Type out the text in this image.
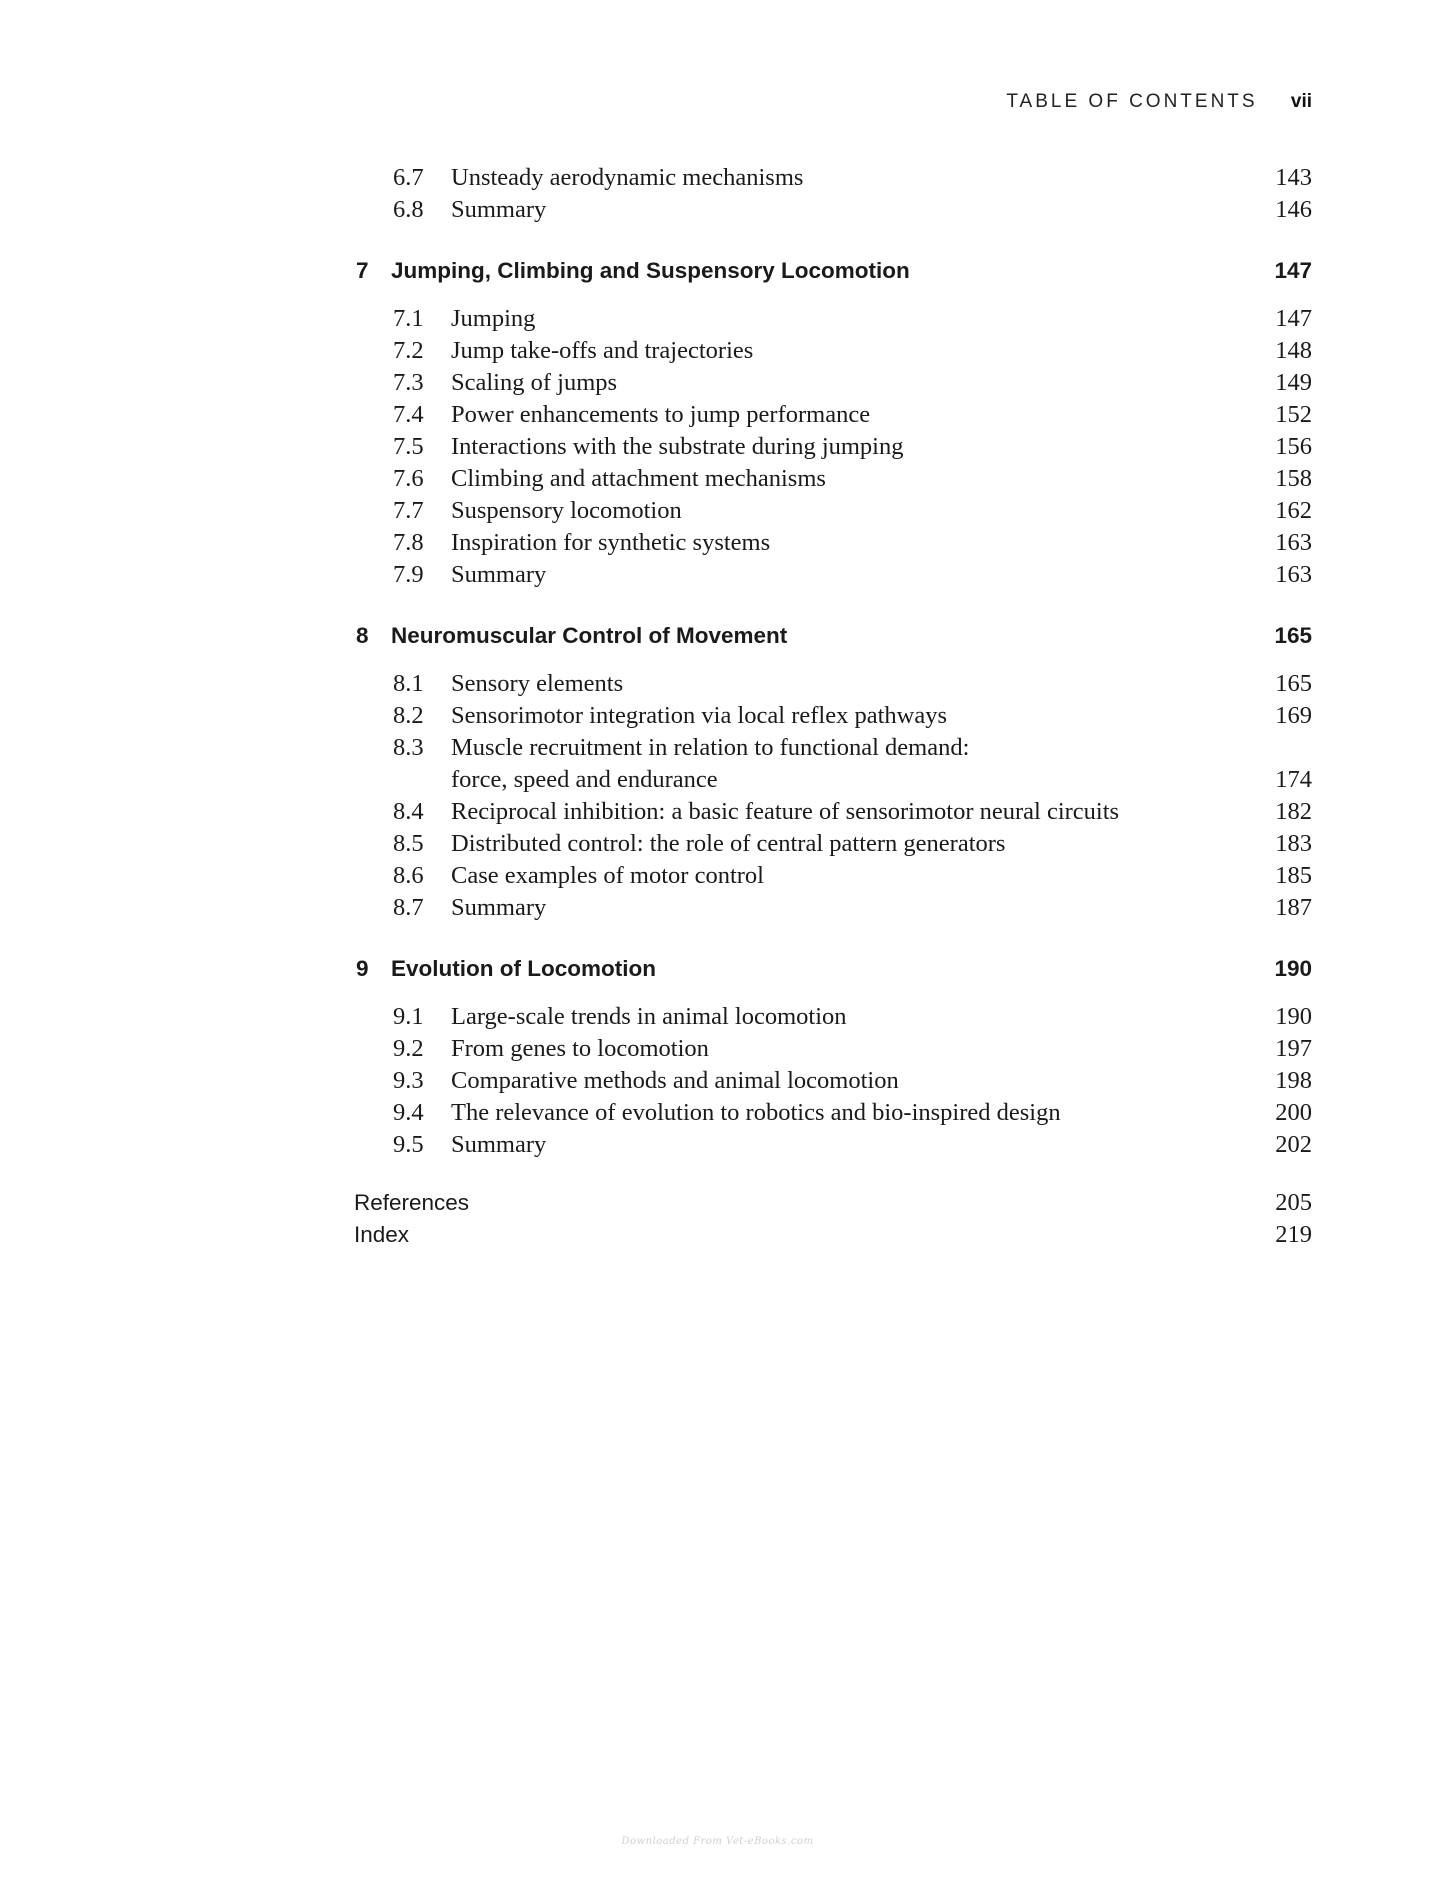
TABLE OF CONTENTS vii
6.7 Unsteady aerodynamic mechanisms	143
6.8 Summary	146
7 Jumping, Climbing and Suspensory Locomotion	147
7.1 Jumping	147
7.2 Jump take-offs and trajectories	148
7.3 Scaling of jumps	149
7.4 Power enhancements to jump performance	152
7.5 Interactions with the substrate during jumping	156
7.6 Climbing and attachment mechanisms	158
7.7 Suspensory locomotion	162
7.8 Inspiration for synthetic systems	163
7.9 Summary	163
8 Neuromuscular Control of Movement	165
8.1 Sensory elements	165
8.2 Sensorimotor integration via local reflex pathways	169
8.3 Muscle recruitment in relation to functional demand:
force, speed and endurance	174
8.4 Reciprocal inhibition: a basic feature of sensorimotor neural circuits	182
8.5 Distributed control: the role of central pattern generators	183
8.6 Case examples of motor control	185
8.7 Summary	187
9 Evolution of Locomotion	190
9.1 Large-scale trends in animal locomotion	190
9.2 From genes to locomotion	197
9.3 Comparative methods and animal locomotion	198
9.4 The relevance of evolution to robotics and bio-inspired design	200
9.5 Summary	202
References	205
Index	219
Downloaded From Vet-eBooks.com
